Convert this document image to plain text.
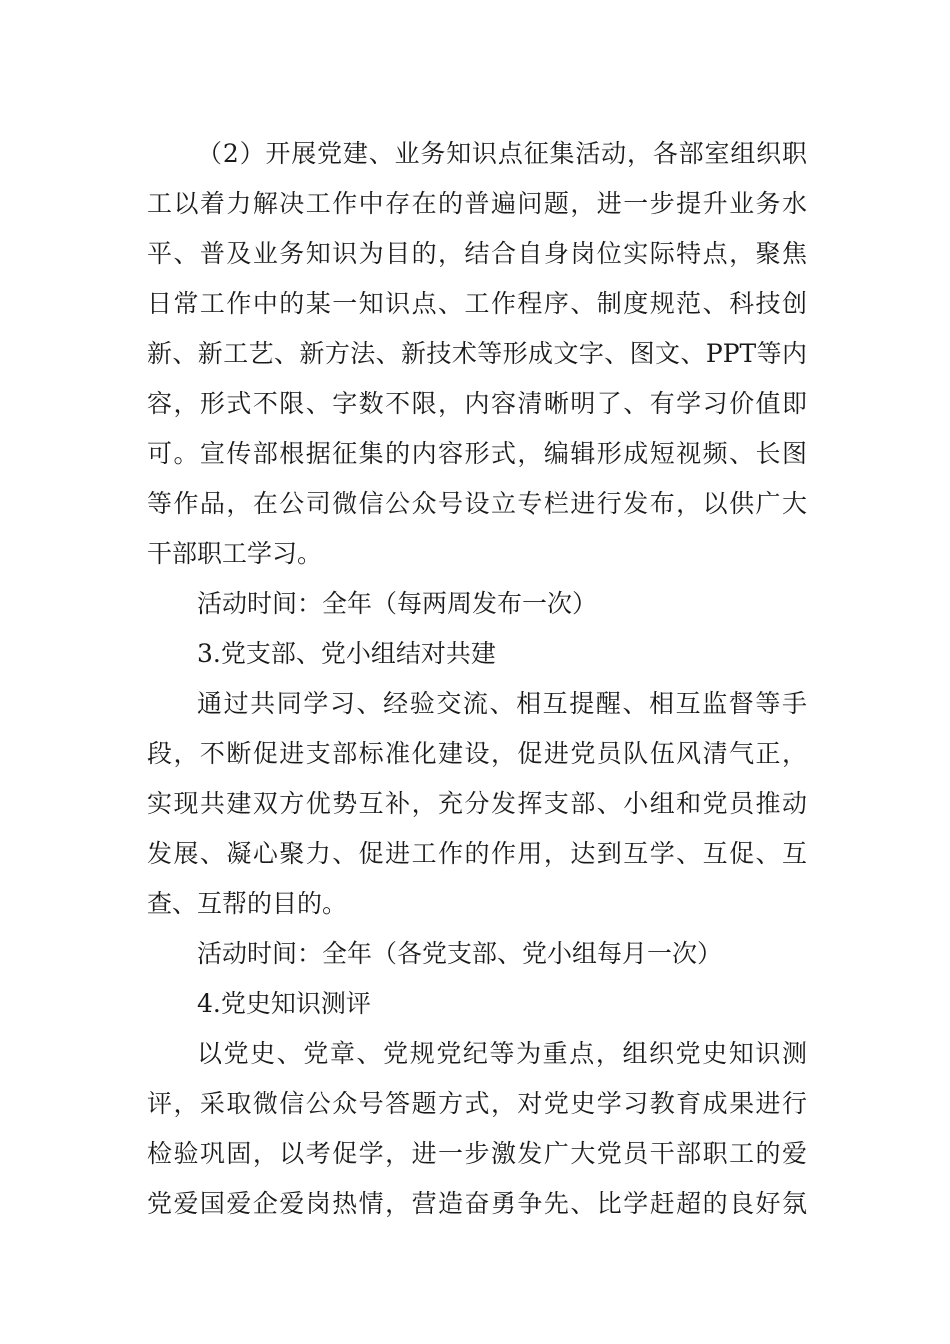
（2）开展党建、业务知识点征集活动，各部室组织职
工以着力解决工作中存在的普遍问题，进一步提升业务水
平、普及业务知识为目的，结合自身岗位实际特点，聚焦
日常工作中的某一知识点、工作程序、制度规范、科技创
新、新工艺、新方法、新技术等形成文字、图文、PPT等内
容，形式不限、字数不限，内容清晰明了、有学习价值即
可。宣传部根据征集的内容形式，编辑形成短视频、长图
等作品，在公司微信公众号设立专栏进行发布，以供广大
干部职工学习。
活动时间：全年（每两周发布一次）
3.党支部、党小组结对共建
通过共同学习、经验交流、相互提醒、相互监督等手
段，不断促进支部标准化建设，促进党员队伍风清气正，
实现共建双方优势互补，充分发挥支部、小组和党员推动
发展、凝心聚力、促进工作的作用，达到互学、互促、互
查、互帮的目的。
活动时间：全年（各党支部、党小组每月一次）
4.党史知识测评
以党史、党章、党规党纪等为重点，组织党史知识测
评，采取微信公众号答题方式，对党史学习教育成果进行
检验巩固，以考促学，进一步激发广大党员干部职工的爱
党爱国爱企爱岗热情，营造奋勇争先、比学赶超的良好氛
